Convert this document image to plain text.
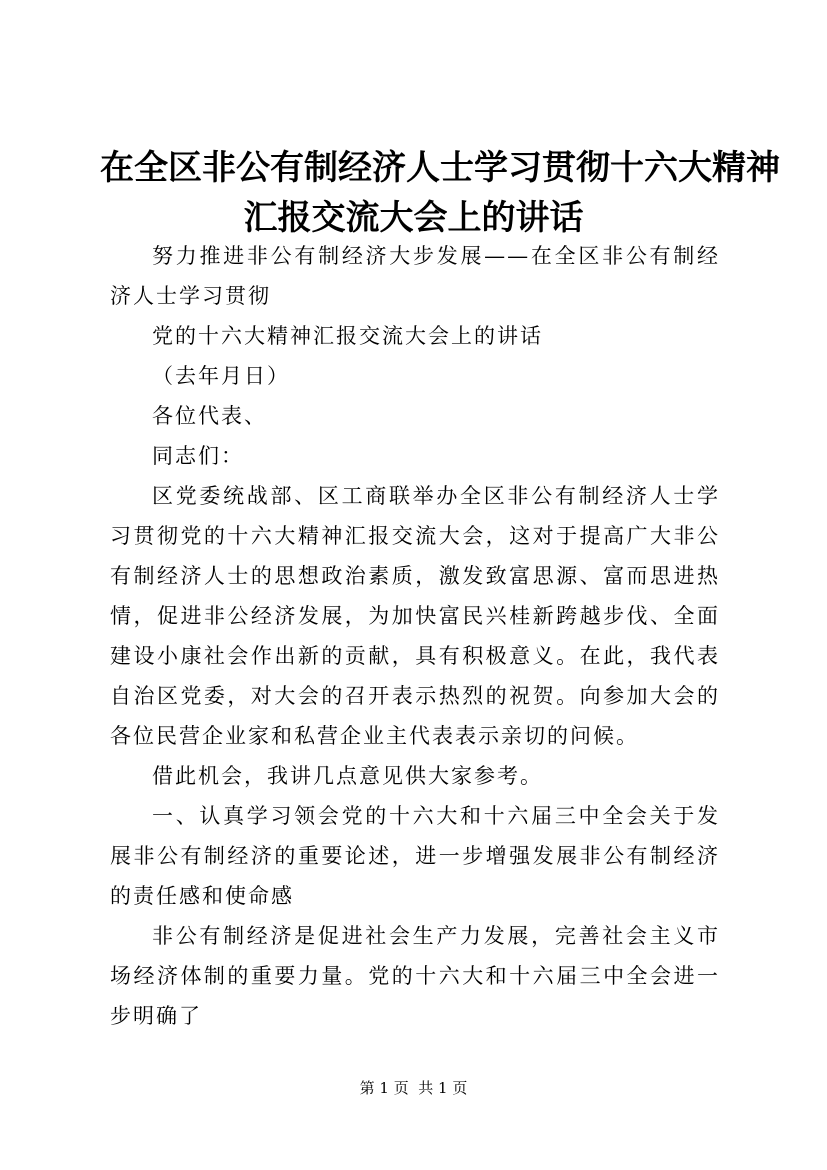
在全区非公有制经济人士学习贯彻十六大精神
汇报交流大会上的讲话

努力推进非公有制经济大步发展——在全区非公有制经济人士学习贯彻

党的十六大精神汇报交流大会上的讲话

（去年月日）

各位代表、

同志们：

区党委统战部、区工商联举办全区非公有制经济人士学习贯彻党的十六大精神汇报交流大会，这对于提高广大非公有制经济人士的思想政治素质，激发致富思源、富而思进热情，促进非公经济发展，为加快富民兴桂新跨越步伐、全面建设小康社会作出新的贡献，具有积极意义。在此，我代表自治区党委，对大会的召开表示热烈的祝贺。向参加大会的各位民营企业家和私营企业主代表表示亲切的问候。

借此机会，我讲几点意见供大家参考。

一、认真学习领会党的十六大和十六届三中全会关于发展非公有制经济的重要论述，进一步增强发展非公有制经济的责任感和使命感

非公有制经济是促进社会生产力发展，完善社会主义市场经济体制的重要力量。党的十六大和十六届三中全会进一步明确了

第 1 页  共 1 页
